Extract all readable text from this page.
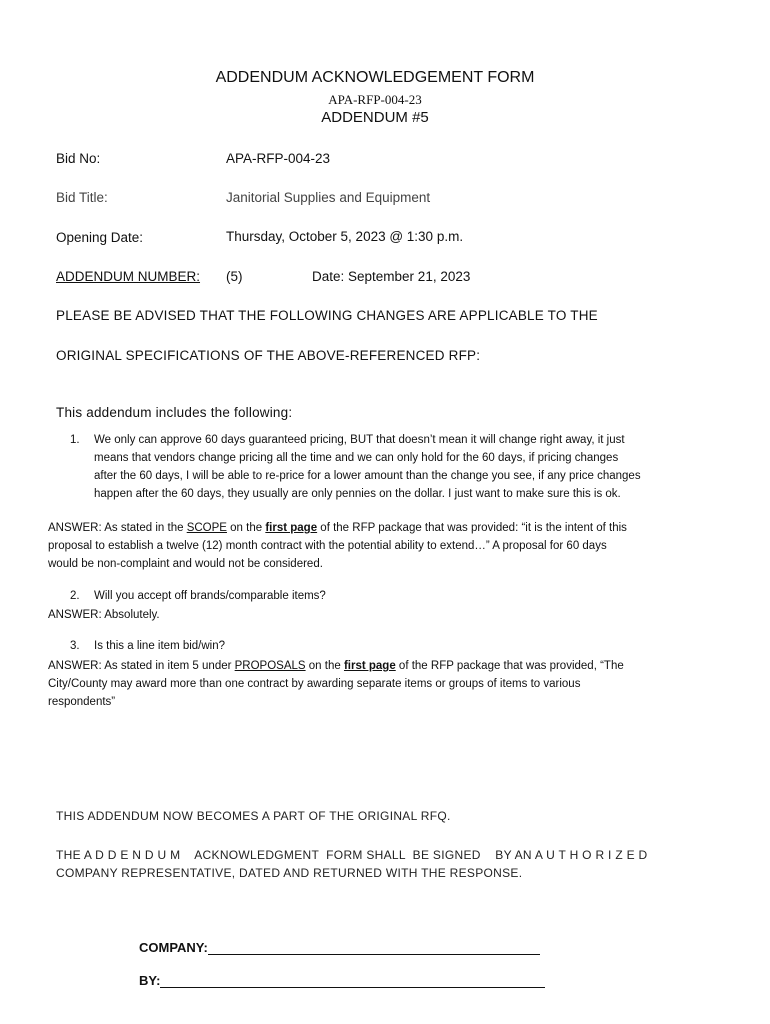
ADDENDUM ACKNOWLEDGEMENT FORM
APA-RFP-004-23
ADDENDUM #5
Bid No:	APA-RFP-004-23
Bid Title:	Janitorial Supplies and Equipment
Opening Date:	Thursday, October 5, 2023 @ 1:30 p.m.
ADDENDUM NUMBER: (5)	Date: September 21, 2023
PLEASE BE ADVISED THAT THE FOLLOWING CHANGES ARE APPLICABLE TO THE
ORIGINAL SPECIFICATIONS OF THE ABOVE-REFERENCED RFP:
This addendum includes the following:
1. We only can approve 60 days guaranteed pricing, BUT that doesn’t mean it will change right away, it just
means that vendors change pricing all the time and we can only hold for the 60 days, if pricing changes
after the 60 days, I will be able to re-price for a lower amount than the change you see, if any price changes
happen after the 60 days, they usually are only pennies on the dollar. I just want to make sure this is ok.
ANSWER: As stated in the SCOPE on the first page of the RFP package that was provided: “it is the intent of this
proposal to establish a twelve (12) month contract with the potential ability to extend…” A proposal for 60 days
would be non-complaint and would not be considered.
2. Will you accept off brands/comparable items?
ANSWER: Absolutely.
3. Is this a line item bid/win?
ANSWER: As stated in item 5 under PROPOSALS on the first page of the RFP package that was provided, “The
City/County may award more than one contract by awarding separate items or groups of items to various
respondents”
THIS ADDENDUM NOW BECOMES A PART OF THE ORIGINAL RFQ.
THE A D D E N D U M    ACKNOWLEDGMENT  FORM SHALL  BE SIGNED    BY AN A U T H O R I Z E D
COMPANY REPRESENTATIVE, DATED AND RETURNED WITH THE RESPONSE.
COMPANY:
BY:
